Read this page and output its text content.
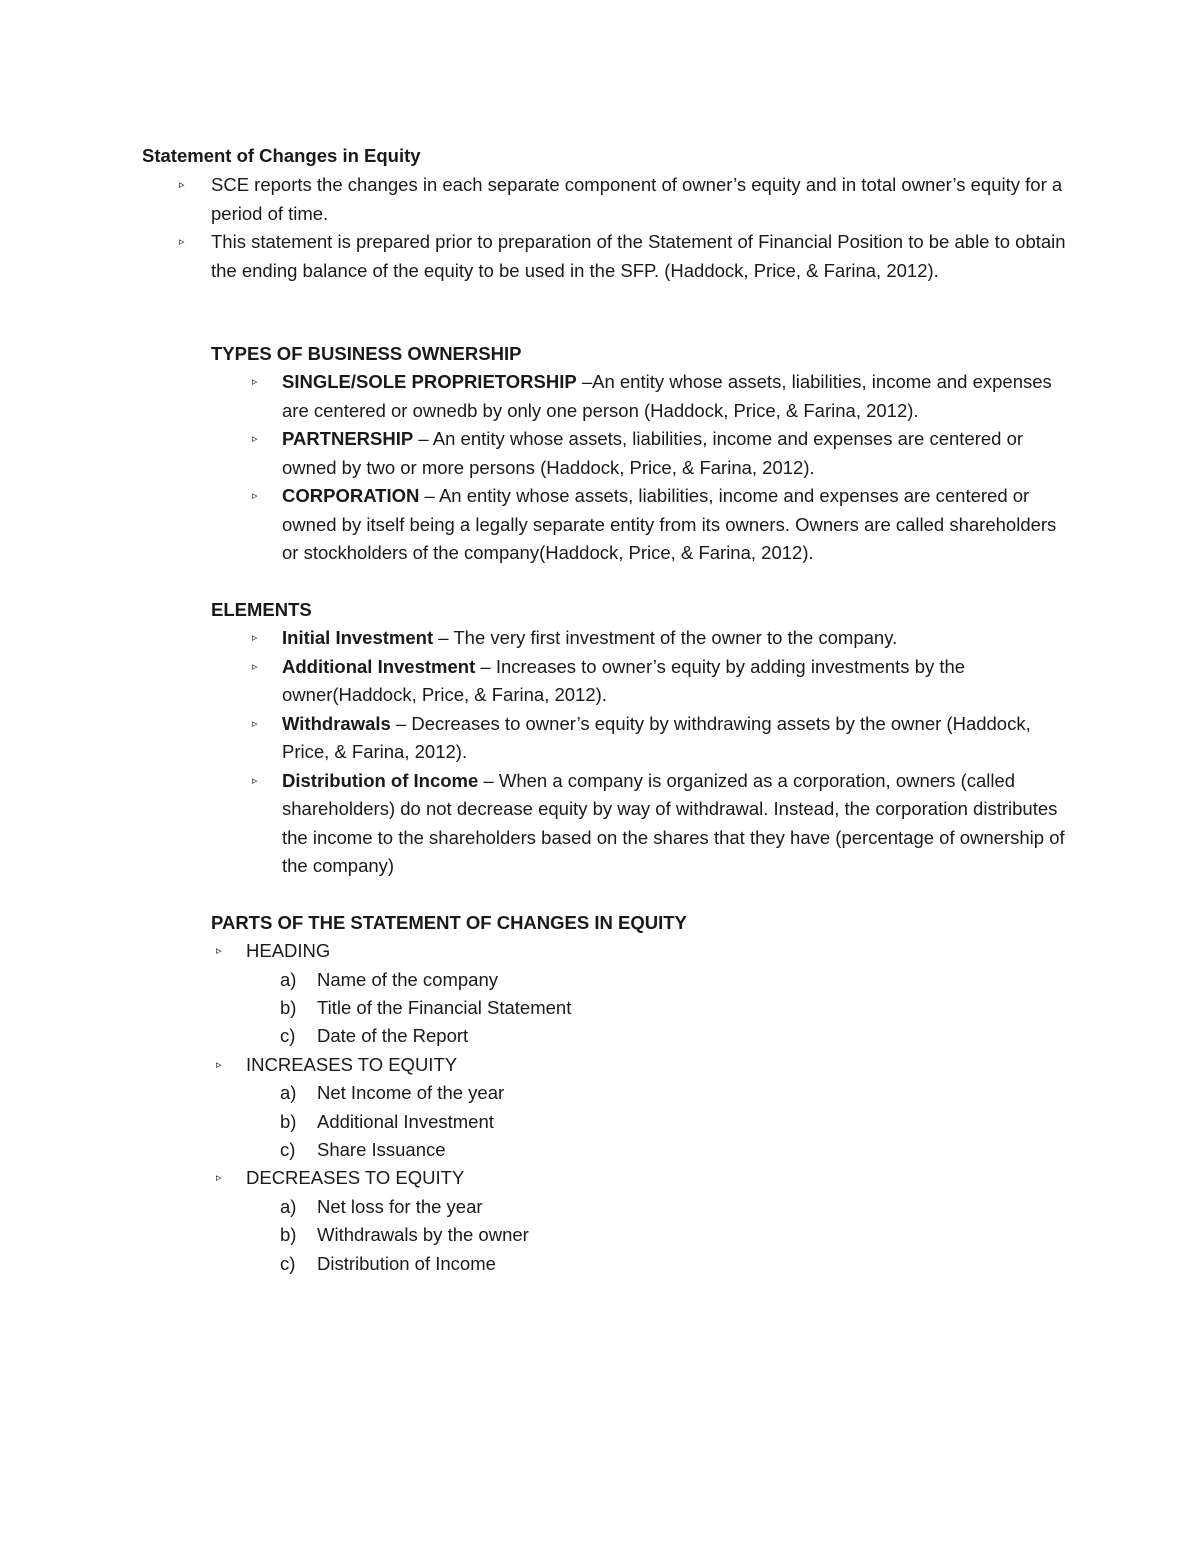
Statement of Changes in Equity
▹ SCE reports the changes in each separate component of owner’s equity and in total owner’s equity for a period of time.
▹ This statement is prepared prior to preparation of the Statement of Financial Position to be able to obtain the ending balance of the equity to be used in the SFP. (Haddock, Price, & Farina, 2012).
TYPES OF BUSINESS OWNERSHIP
▹ SINGLE/SOLE PROPRIETORSHIP –An entity whose assets, liabilities, income and expenses are centered or ownedb by only one person (Haddock, Price, & Farina, 2012).
▹ PARTNERSHIP – An entity whose assets, liabilities, income and expenses are centered or owned by two or more persons (Haddock, Price, & Farina, 2012).
▹ CORPORATION – An entity whose assets, liabilities, income and expenses are centered or owned by itself being a legally separate entity from its owners. Owners are called shareholders or stockholders of the company(Haddock, Price, & Farina, 2012).
ELEMENTS
▹ Initial Investment – The very first investment of the owner to the company.
▹ Additional Investment – Increases to owner’s equity by adding investments by the owner(Haddock, Price, & Farina, 2012).
▹ Withdrawals – Decreases to owner’s equity by withdrawing assets by the owner (Haddock, Price, & Farina, 2012).
▹ Distribution of Income – When a company is organized as a corporation, owners (called shareholders) do not decrease equity by way of withdrawal. Instead, the corporation distributes the income to the shareholders based on the shares that they have (percentage of ownership of the company)
PARTS OF THE STATEMENT OF CHANGES IN EQUITY
▹ HEADING
a) Name of the company
b) Title of the Financial Statement
c) Date of the Report
▹ INCREASES TO EQUITY
a) Net Income of the year
b) Additional Investment
c) Share Issuance
▹ DECREASES TO EQUITY
a) Net loss for the year
b) Withdrawals by the owner
c) Distribution of Income
